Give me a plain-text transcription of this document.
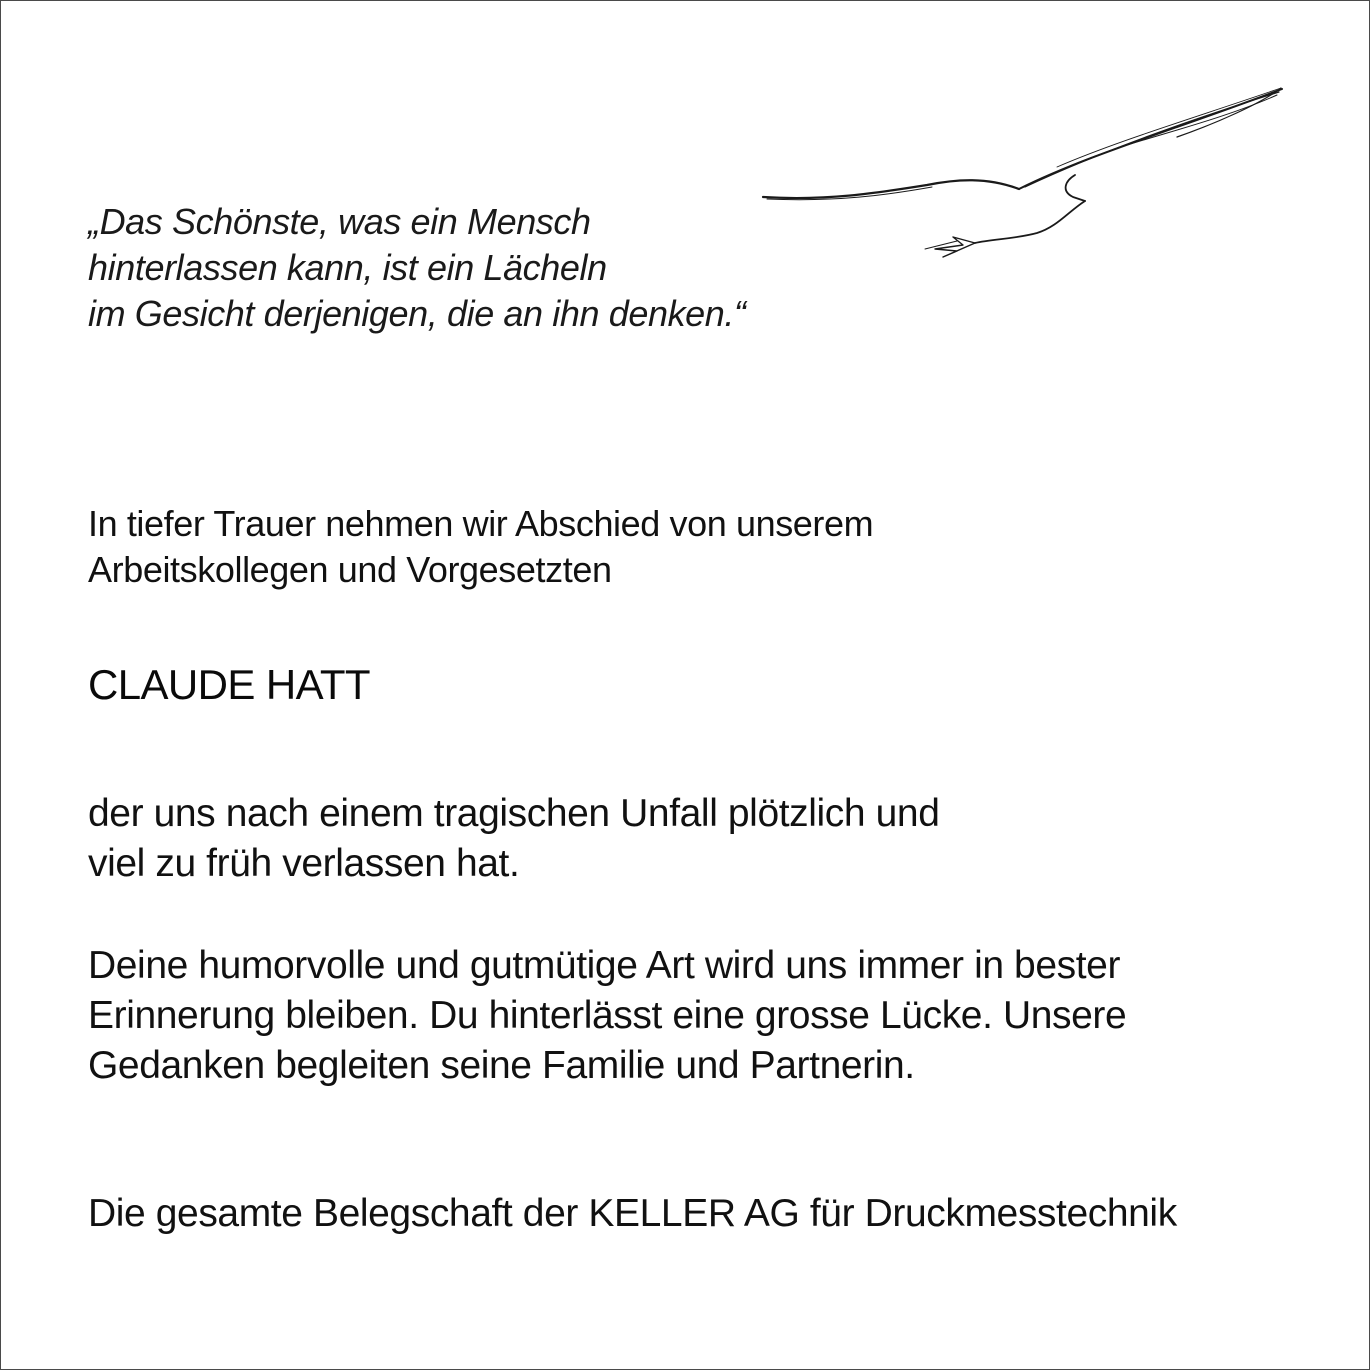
„Das Schönste, was ein Mensch
hinterlassen kann, ist ein Lächeln
im Gesicht derjenigen, die an ihn denken.“

In tiefer Trauer nehmen wir Abschied von unserem
Arbeitskollegen und Vorgesetzten

CLAUDE HATT

der uns nach einem tragischen Unfall plötzlich und
viel zu früh verlassen hat.

Deine humorvolle und gutmütige Art wird uns immer in bester
Erinnerung bleiben. Du hinterlässt eine grosse Lücke. Unsere
Gedanken begleiten seine Familie und Partnerin.

Die gesamte Belegschaft der KELLER AG für Druckmesstechnik
